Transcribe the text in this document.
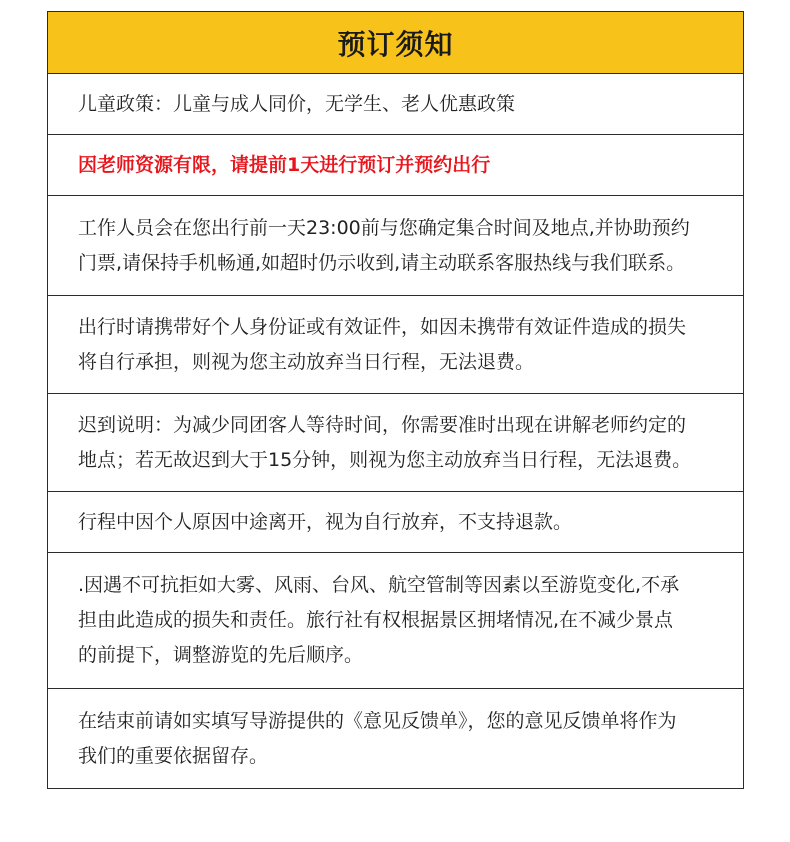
预订须知
儿童政策：儿童与成人同价，无学生、老人优惠政策
因老师资源有限，请提前1天进行预订并预约出行
工作人员会在您出行前一天23:00前与您确定集合时间及地点,并协助预约
门票,请保持手机畅通,如超时仍示收到,请主动联系客服热线与我们联系。
出行时请携带好个人身份证或有效证件，如因未携带有效证件造成的损失
将自行承担，则视为您主动放弃当日行程，无法退费。
迟到说明：为减少同团客人等待时间，你需要准时出现在讲解老师约定的
地点；若无故迟到大于15分钟，则视为您主动放弃当日行程，无法退费。
行程中因个人原因中途离开，视为自行放弃，不支持退款。
.因遇不可抗拒如大雾、风雨、台风、航空管制等因素以至游览变化,不承
担由此造成的损失和责任。旅行社有权根据景区拥堵情况,在不减少景点
的前提下，调整游览的先后顺序。
在结束前请如实填写导游提供的《意见反馈单》，您的意见反馈单将作为
我们的重要依据留存。
